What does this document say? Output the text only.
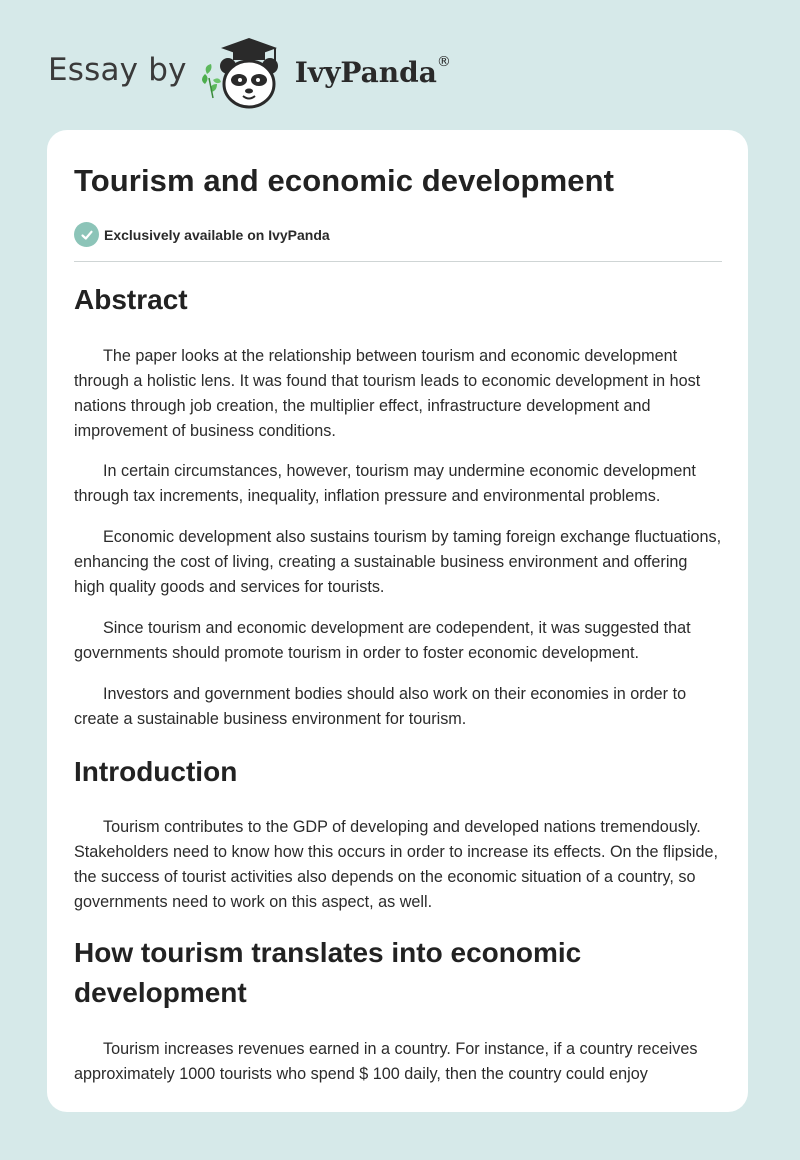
Essay by	IvyPanda®
Tourism and economic development
Exclusively available on IvyPanda
Abstract

The paper looks at the relationship between tourism and economic development through a holistic lens. It was found that tourism leads to economic development in host nations through job creation, the multiplier effect, infrastructure development and improvement of business conditions.

In certain circumstances, however, tourism may undermine economic development through tax increments, inequality, inflation pressure and environmental problems.

Economic development also sustains tourism by taming foreign exchange fluctuations, enhancing the cost of living, creating a sustainable business environment and offering high quality goods and services for tourists.

Since tourism and economic development are codependent, it was suggested that governments should promote tourism in order to foster economic development.

Investors and government bodies should also work on their economies in order to create a sustainable business environment for tourism.

Introduction

Tourism contributes to the GDP of developing and developed nations tremendously. Stakeholders need to know how this occurs in order to increase its effects. On the flipside, the success of tourist activities also depends on the economic situation of a country, so governments need to work on this aspect, as well.

How tourism translates into economic development

Tourism increases revenues earned in a country. For instance, if a country receives approximately 1000 tourists who spend $ 100 daily, then the country could enjoy
